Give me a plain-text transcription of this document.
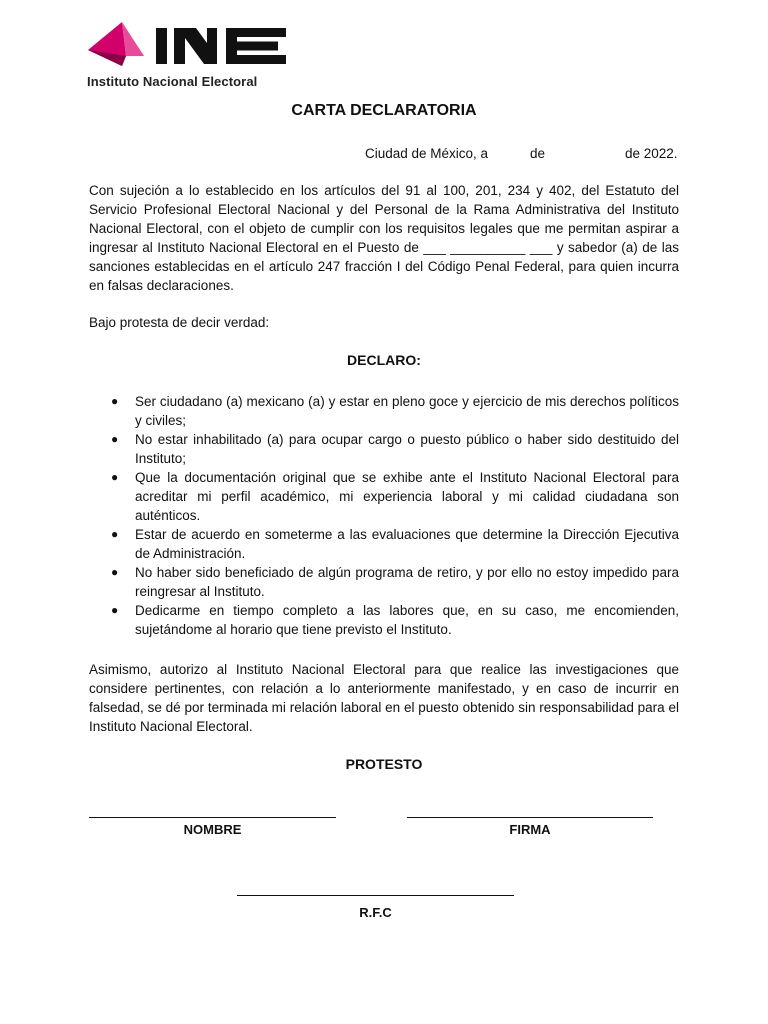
Instituto Nacional Electoral
CARTA DECLARATORIA
Ciudad de México, a	de	de 2022.

Con sujeción a lo establecido en los artículos del 91 al 100, 201, 234 y 402, del Estatuto del Servicio Profesional Electoral Nacional y del Personal de la Rama Administrativa del Instituto Nacional Electoral, con el objeto de cumplir con los requisitos legales que me permitan aspirar a ingresar al Instituto Nacional Electoral en el Puesto de ___ __________ ___ y sabedor (a) de las sanciones establecidas en el artículo 247 fracción I del Código Penal Federal, para quien incurra en falsas declaraciones.

Bajo protesta de decir verdad:

DECLARO:
● Ser ciudadano (a) mexicano (a) y estar en pleno goce y ejercicio de mis derechos políticos y civiles;
● No estar inhabilitado (a) para ocupar cargo o puesto público o haber sido destituido del Instituto;
● Que la documentación original que se exhibe ante el Instituto Nacional Electoral para acreditar mi perfil académico, mi experiencia laboral y mi calidad ciudadana son auténticos.
● Estar de acuerdo en someterme a las evaluaciones que determine la Dirección Ejecutiva de Administración.
● No haber sido beneficiado de algún programa de retiro, y por ello no estoy impedido para reingresar al Instituto.
● Dedicarme en tiempo completo a las labores que, en su caso, me encomienden, sujetándome al horario que tiene previsto el Instituto.

Asimismo, autorizo al Instituto Nacional Electoral para que realice las investigaciones que considere pertinentes, con relación a lo anteriormente manifestado, y en caso de incurrir en falsedad, se dé por terminada mi relación laboral en el puesto obtenido sin responsabilidad para el Instituto Nacional Electoral.

PROTESTO
NOMBRE	FIRMA
R.F.C
